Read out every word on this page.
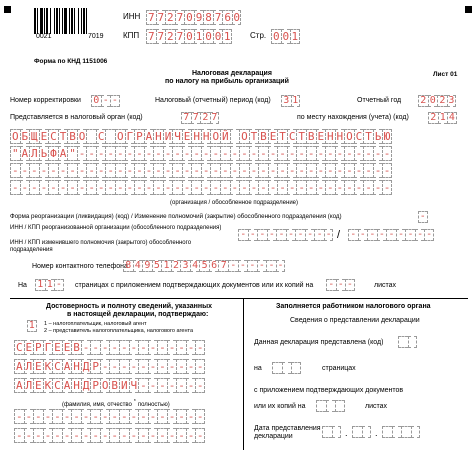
0021	7019
ИНН 7 7 2 7 0 9 8 7 6 0
КПП 7 7 2 7 0 1 0 0 1 Стр. 0 0 1
Форма по КНД 1151006
Налоговая декларация
по налогу на прибыль организаций
Лист 01
Номер корректировки 0 - -	Налоговый (отчетный) период (код) 3 1	Отчетный год 2 0 2 3
Представляется в налоговый орган (код)	7 7 2 7	по месту нахождения (учета) (код) 2 1 4
О Б Щ Е С Т В О С О Г Р А Н И Ч Е Н Н О Й О Т В Е Т С Т В Е Н Н О С Т Ь Ю
" А Л Ь Ф А " - - - - - - - - - - - - - - - - - - - - - - - - - - - - - - - - -
- - - - - - - - - - - - - - - - - - - - - - - - - - - - - - - - - - - - - - - -
- - - - - - - - - - - - - - - - - - - - - - - - - - - - - - - - - - - - - - - -
(организация / обособленное подразделение)
Форма реорганизации (ликвидация) (код) / Изменение полномочий (закрытие) обособленного подразделения (код)	-
ИНН / КПП реорганизованной организации (обособленного подразделения)
ИНН / КПП изменившего полномочия (закрытого) обособленного подразделения
- - - - - - - - - - / - - - - - - - - -
Номер контактного телефона
8 4 9 5 1 2 3 4 5 6 7 - - - - - -
На 1 1 - страницах с приложением подтверждающих документов или их копий на - - -	листах
Достоверность и полноту сведений, указанных
в настоящей декларации, подтверждаю:
1	1 – налогоплательщик, налоговый агент
2 – представитель налогоплательщика, налогового агента
С Е Р Г Е Е В - - - - - - - - - - - - -
А Л Е К С А Н Д Р - - - - - - - - - - -
А Л Е К С А Н Д Р О В И Ч - - - - - - -
(фамилия, имя, отчество * полностью)
- - - - - - - - - - - - - - - - - - - -
- - - - - - - - - - - - - - - - - - - -
Заполняется работником налогового органа
Сведения о представлении декларации
Данная декларация представлена (код)
на	страницах
с приложением подтверждающих документов
или их копий на	листах
Дата представления
декларации	.	.
